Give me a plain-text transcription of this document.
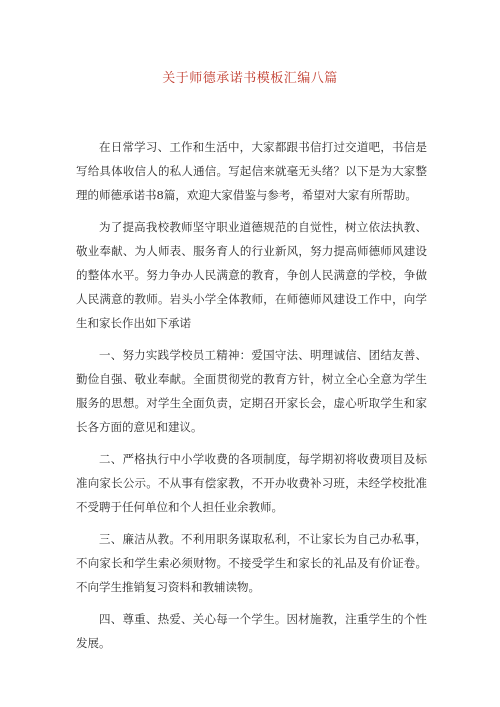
关于师德承诺书模板汇编八篇

在日常学习、工作和生活中，大家都跟书信打过交道吧，书信是写给具体收信人的私人通信。写起信来就毫无头绪？以下是为大家整理的师德承诺书8篇，欢迎大家借鉴与参考，希望对大家有所帮助。

为了提高我校教师坚守职业道德规范的自觉性，树立依法执教、敬业奉献、为人师表、服务育人的行业新风，努力提高师德师风建设的整体水平。努力争办人民满意的教育，争创人民满意的学校，争做人民满意的教师。岩头小学全体教师，在师德师风建设工作中，向学生和家长作出如下承诺

一、努力实践学校员工精神：爱国守法、明理诚信、团结友善、勤俭自强、敬业奉献。全面贯彻党的教育方针，树立全心全意为学生服务的思想。对学生全面负责，定期召开家长会，虚心听取学生和家长各方面的意见和建议。

二、严格执行中小学收费的各项制度，每学期初将收费项目及标准向家长公示。不从事有偿家教，不开办收费补习班，未经学校批准不受聘于任何单位和个人担任业余教师。

三、廉洁从教。不利用职务谋取私利，不让家长为自己办私事，不向家长和学生索必须财物。不接受学生和家长的礼品及有价证卷。不向学生推销复习资料和教辅读物。

四、尊重、热爱、关心每一个学生。因材施教，注重学生的个性发展。
